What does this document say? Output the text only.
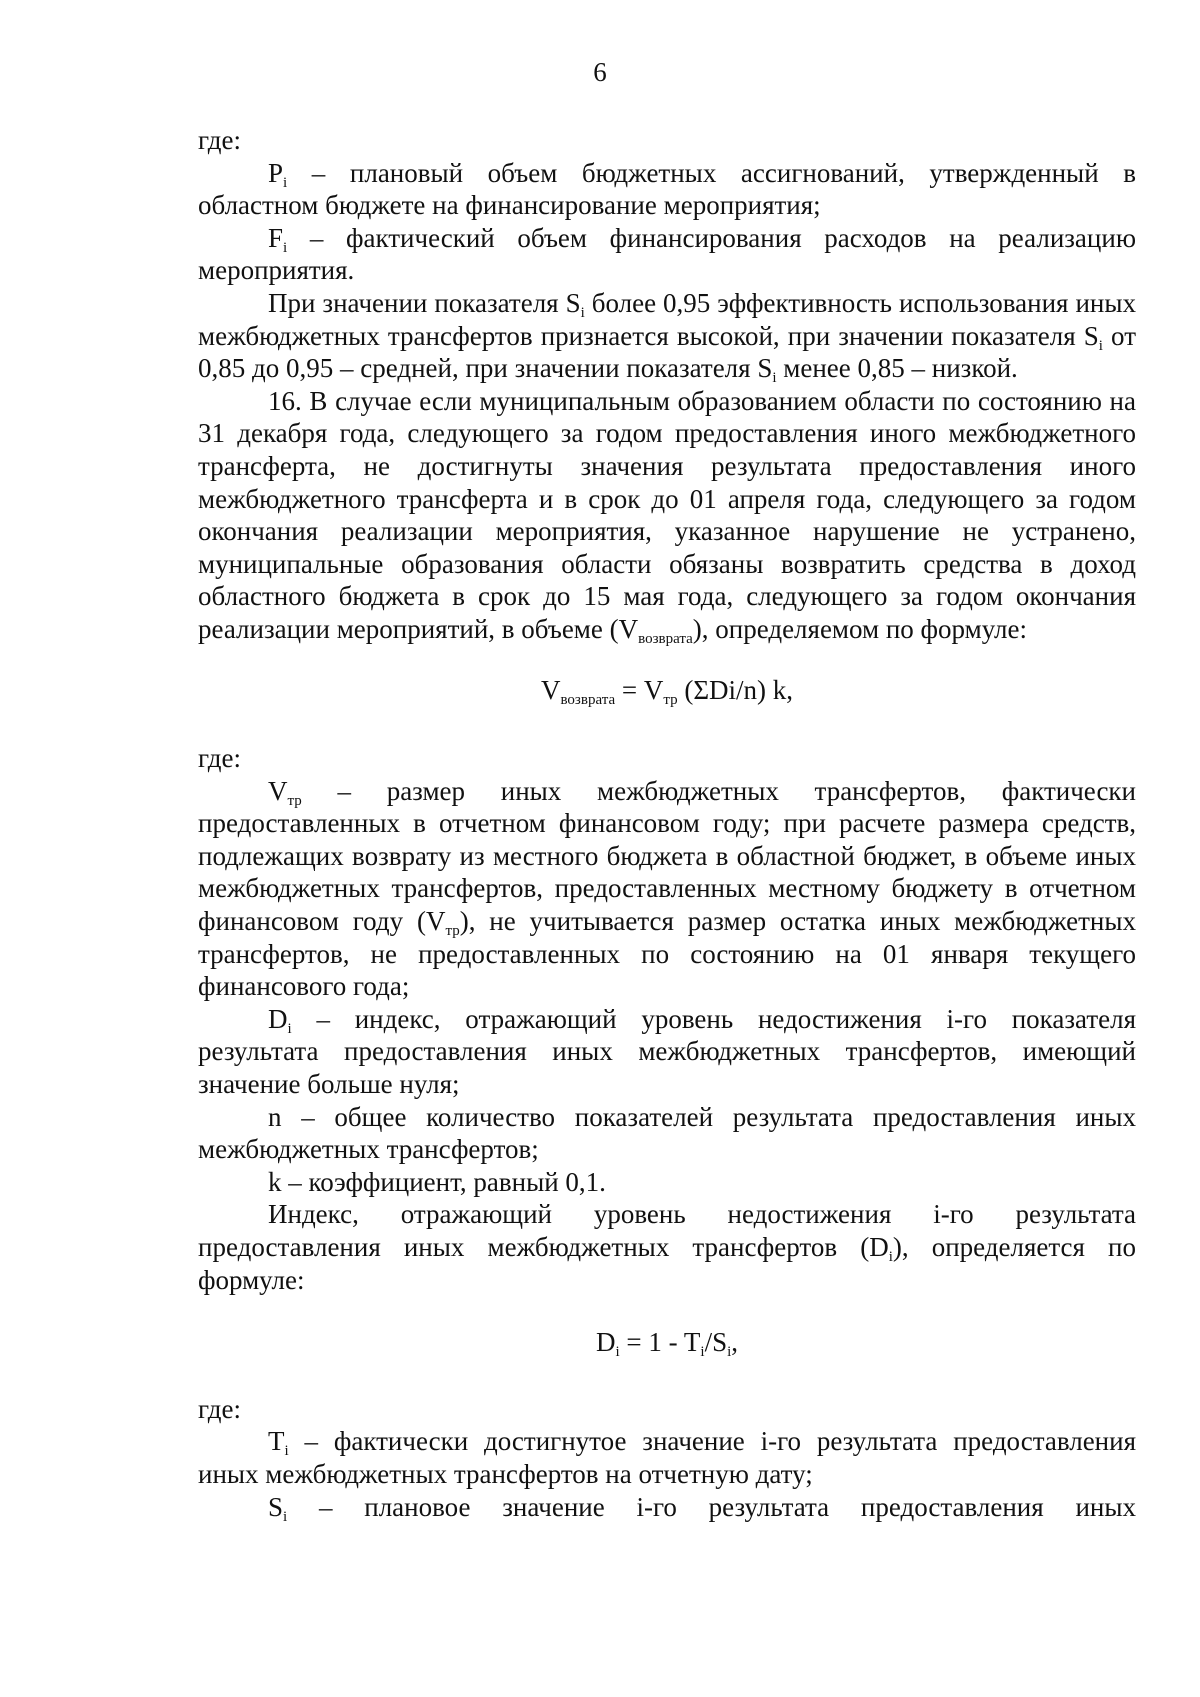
6

где:

$P_i$ – плановый объем бюджетных ассигнований, утвержденный в областном бюджете на финансирование мероприятия;

$F_i$ – фактический объем финансирования расходов на реализацию мероприятия.

При значении показателя $S_i$ более 0,95 эффективность использования иных межбюджетных трансфертов признается высокой, при значении показателя $S_i$ от 0,85 до 0,95 – средней, при значении показателя $S_i$ менее 0,85 – низкой.

16. В случае если муниципальным образованием области по состоянию на 31 декабря года, следующего за годом предоставления иного межбюджетного трансферта, не достигнуты значения результата предоставления иного межбюджетного трансферта и в срок до 01 апреля года, следующего за годом окончания реализации мероприятия, указанное нарушение не устранено, муниципальные образования области обязаны возвратить средства в доход областного бюджета в срок до 15 мая года, следующего за годом окончания реализации мероприятий, в объеме $(V_{возврата})$, определяемом по формуле:

$V_{возврата} = V_{тр}$ (ΣDi/n) k,

где:

$V_{тр}$ – размер иных межбюджетных трансфертов, фактически предоставленных в отчетном финансовом году; при расчете размера средств, подлежащих возврату из местного бюджета в областной бюджет, в объеме иных межбюджетных трансфертов, предоставленных местному бюджету в отчетном финансовом году $(V_{тр})$, не учитывается размер остатка иных межбюджетных трансфертов, не предоставленных по состоянию на 01 января текущего финансового года;

$D_i$ – индекс, отражающий уровень недостижения i-го показателя результата предоставления иных межбюджетных трансфертов, имеющий значение больше нуля;

n – общее количество показателей результата предоставления иных межбюджетных трансфертов;

k – коэффициент, равный 0,1.

Индекс, отражающий уровень недостижения i-го результата предоставления иных межбюджетных трансфертов $(D_i)$, определяется по формуле:

$D_i = 1 - T_i/S_i$,

где:

$T_i$ – фактически достигнутое значение i-го результата предоставления иных межбюджетных трансфертов на отчетную дату;

$S_i$ – плановое значение i-го результата предоставления иных
